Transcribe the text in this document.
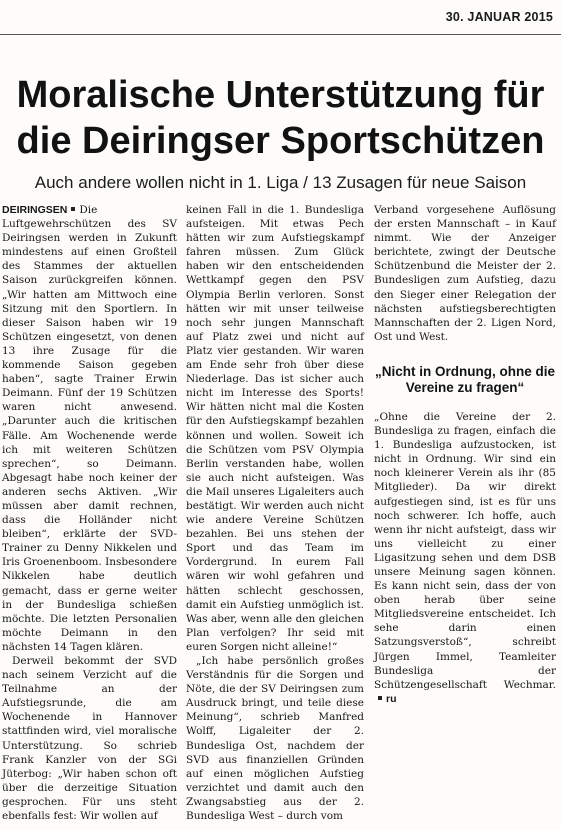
30. JANUAR 2015
Moralische Unterstützung für
die Deiringser Sportschützen

Auch andere wollen nicht in 1. Liga / 13 Zusagen für neue Saison

DEIRINGSEN Die Luftgewehrschützen des SV Deiringsen werden in Zukunft mindestens auf einen Großteil des Stammes der aktuellen Saison zurückgreifen können. „Wir hatten am Mittwoch eine Sitzung mit den Sportlern. In dieser Saison haben wir 19 Schützen eingesetzt, von denen 13 ihre Zusage für die kommende Saison gegeben haben“, sagte Trainer Erwin Deimann. Fünf der 19 Schützen waren nicht anwesend. „Darunter auch die kritischen Fälle. Am Wochenende werde ich mit weiteren Schützen sprechen“, so Deimann. Abgesagt habe noch keiner der anderen sechs Aktiven. „Wir müssen aber damit rechnen, dass die Holländer nicht bleiben“, erklärte der SVD-Trainer zu Denny Nikkelen und Iris Groenenboom. Insbesondere Nikkelen habe deutlich gemacht, dass er gerne weiter in der Bundesliga schießen möchte. Die letzten Personalien möchte Deimann in den nächsten 14 Tagen klären.

Derweil bekommt der SVD nach seinem Verzicht auf die Teilnahme an der Aufstiegsrunde, die am Wochenende in Hannover stattfinden wird, viel moralische Unterstützung. So schrieb Frank Kanzler von der SGi Jüterbog: „Wir haben schon oft über die derzeitige Situation gesprochen. Für uns steht ebenfalls fest: Wir wollen auf

keinen Fall in die 1. Bundesliga aufsteigen. Mit etwas Pech hätten wir zum Aufstiegskampf fahren müssen. Zum Glück haben wir den entscheidenden Wettkampf gegen den PSV Olympia Berlin verloren. Sonst hätten wir mit unser teilweise noch sehr jungen Mannschaft auf Platz zwei und nicht auf Platz vier gestanden. Wir waren am Ende sehr froh über diese Niederlage. Das ist sicher auch nicht im Interesse des Sports! Wir hätten nicht mal die Kosten für den Aufstiegskampf bezahlen können und wollen. Soweit ich die Schützen vom PSV Olympia Berlin verstanden habe, wollen sie auch nicht aufsteigen. Was die Mail unseres Ligaleiters auch bestätigt. Wir werden auch nicht wie andere Vereine Schützen bezahlen. Bei uns stehen der Sport und das Team im Vordergrund. In eurem Fall wären wir wohl gefahren und hätten schlecht geschossen, damit ein Aufstieg unmöglich ist. Was aber, wenn alle den gleichen Plan verfolgen? Ihr seid mit euren Sorgen nicht alleine!“

„Ich habe persönlich großes Verständnis für die Sorgen und Nöte, die der SV Deiringsen zum Ausdruck bringt, und teile diese Meinung“, schrieb Manfred Wolff, Ligaleiter der 2. Bundesliga Ost, nachdem der SVD aus finanziellen Gründen auf einen möglichen Aufstieg verzichtet und damit auch den Zwangsabstieg aus der 2. Bundesliga West – durch vom

Verband vorgesehene Auflösung der ersten Mannschaft – in Kauf nimmt. Wie der Anzeiger berichtete, zwingt der Deutsche Schützenbund die Meister der 2. Bundesligen zum Aufstieg, dazu den Sieger einer Relegation der nächsten aufstiegsberechtigten Mannschaften der 2. Ligen Nord, Ost und West.

„Nicht in Ordnung, ohne die Vereine zu fragen“

„Ohne die Vereine der 2. Bundesliga zu fragen, einfach die 1. Bundesliga aufzustocken, ist nicht in Ordnung. Wir sind ein noch kleinerer Verein als ihr (85 Mitglieder). Da wir direkt aufgestiegen sind, ist es für uns noch schwerer. Ich hoffe, auch wenn ihr nicht aufsteigt, dass wir uns vielleicht zu einer Ligasitzung sehen und dem DSB unsere Meinung sagen können. Es kann nicht sein, dass der von oben herab über seine Mitgliedsvereine entscheidet. Ich sehe darin einen Satzungsverstoß“, schreibt Jürgen Immel, Teamleiter Bundesliga der Schützengesellschaft Wechmar. ru
